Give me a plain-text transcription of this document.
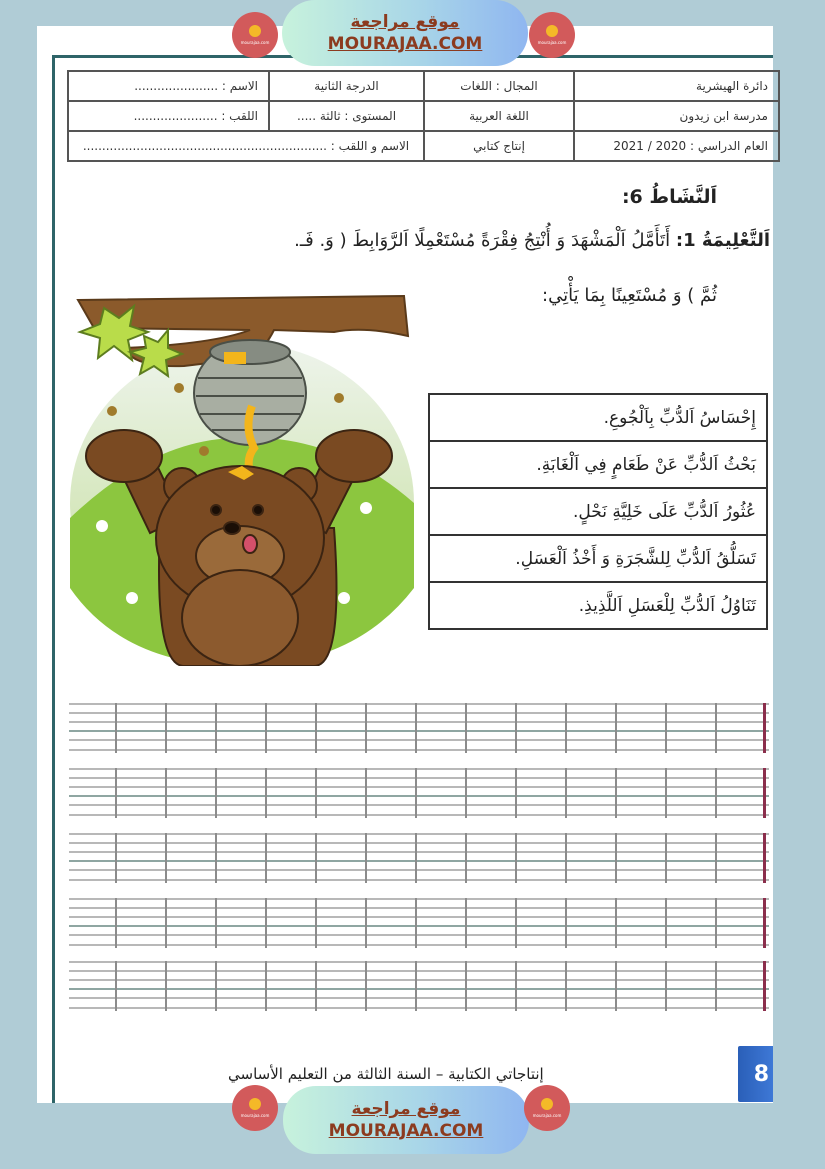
دائرة الهيشرية	المجال : اللغات	الدرجة الثانية	الاسم : ......................
مدرسة ابن زيدون	اللغة العربية	المستوى : ثالثة .....	اللقب : ......................
العام الدراسي : 2020 / 2021	إنتاج كتابي	الاسم و اللقب : ................................................................	
اَلنَّشَاطُ 6:
اَلتَّعْلِيمَةُ 1: أَتَأَمَّلُ اَلْمَشْهَدَ وَ أُنْتِجُ فِقْرَةً مُسْتَعْمِلًا اَلرَّوَابِطَ ( وَ. فَـ.
ثُمَّ ) وَ مُسْتَعِينًا بِمَا يَأْتِي:
إِحْسَاسُ اَلدُّبِّ بِاَلْجُوعِ.
بَحْثُ اَلدُّبِّ عَنْ طَعَامٍ فِي اَلْغَابَةِ.
عُثُورُ اَلدُّبِّ عَلَى خَلِيَّةِ نَحْلٍ.
تَسَلُّقُ اَلدُّبِّ لِلشَّجَرَةِ وَ أَخْذُ اَلْعَسَلِ.
تَنَاوُلُ اَلدُّبِّ لِلْعَسَلِ اَللَّذِيذِ.
إنتاجاتي الكتابية – السنة الثالثة من التعليم الأساسي	8
mourajaa.com
موقع مراجعة
MOURAJAA.COM	mourajaa.com
mourajaa.com	موقع مراجعة
MOURAJAA.COM
mourajaa.com
